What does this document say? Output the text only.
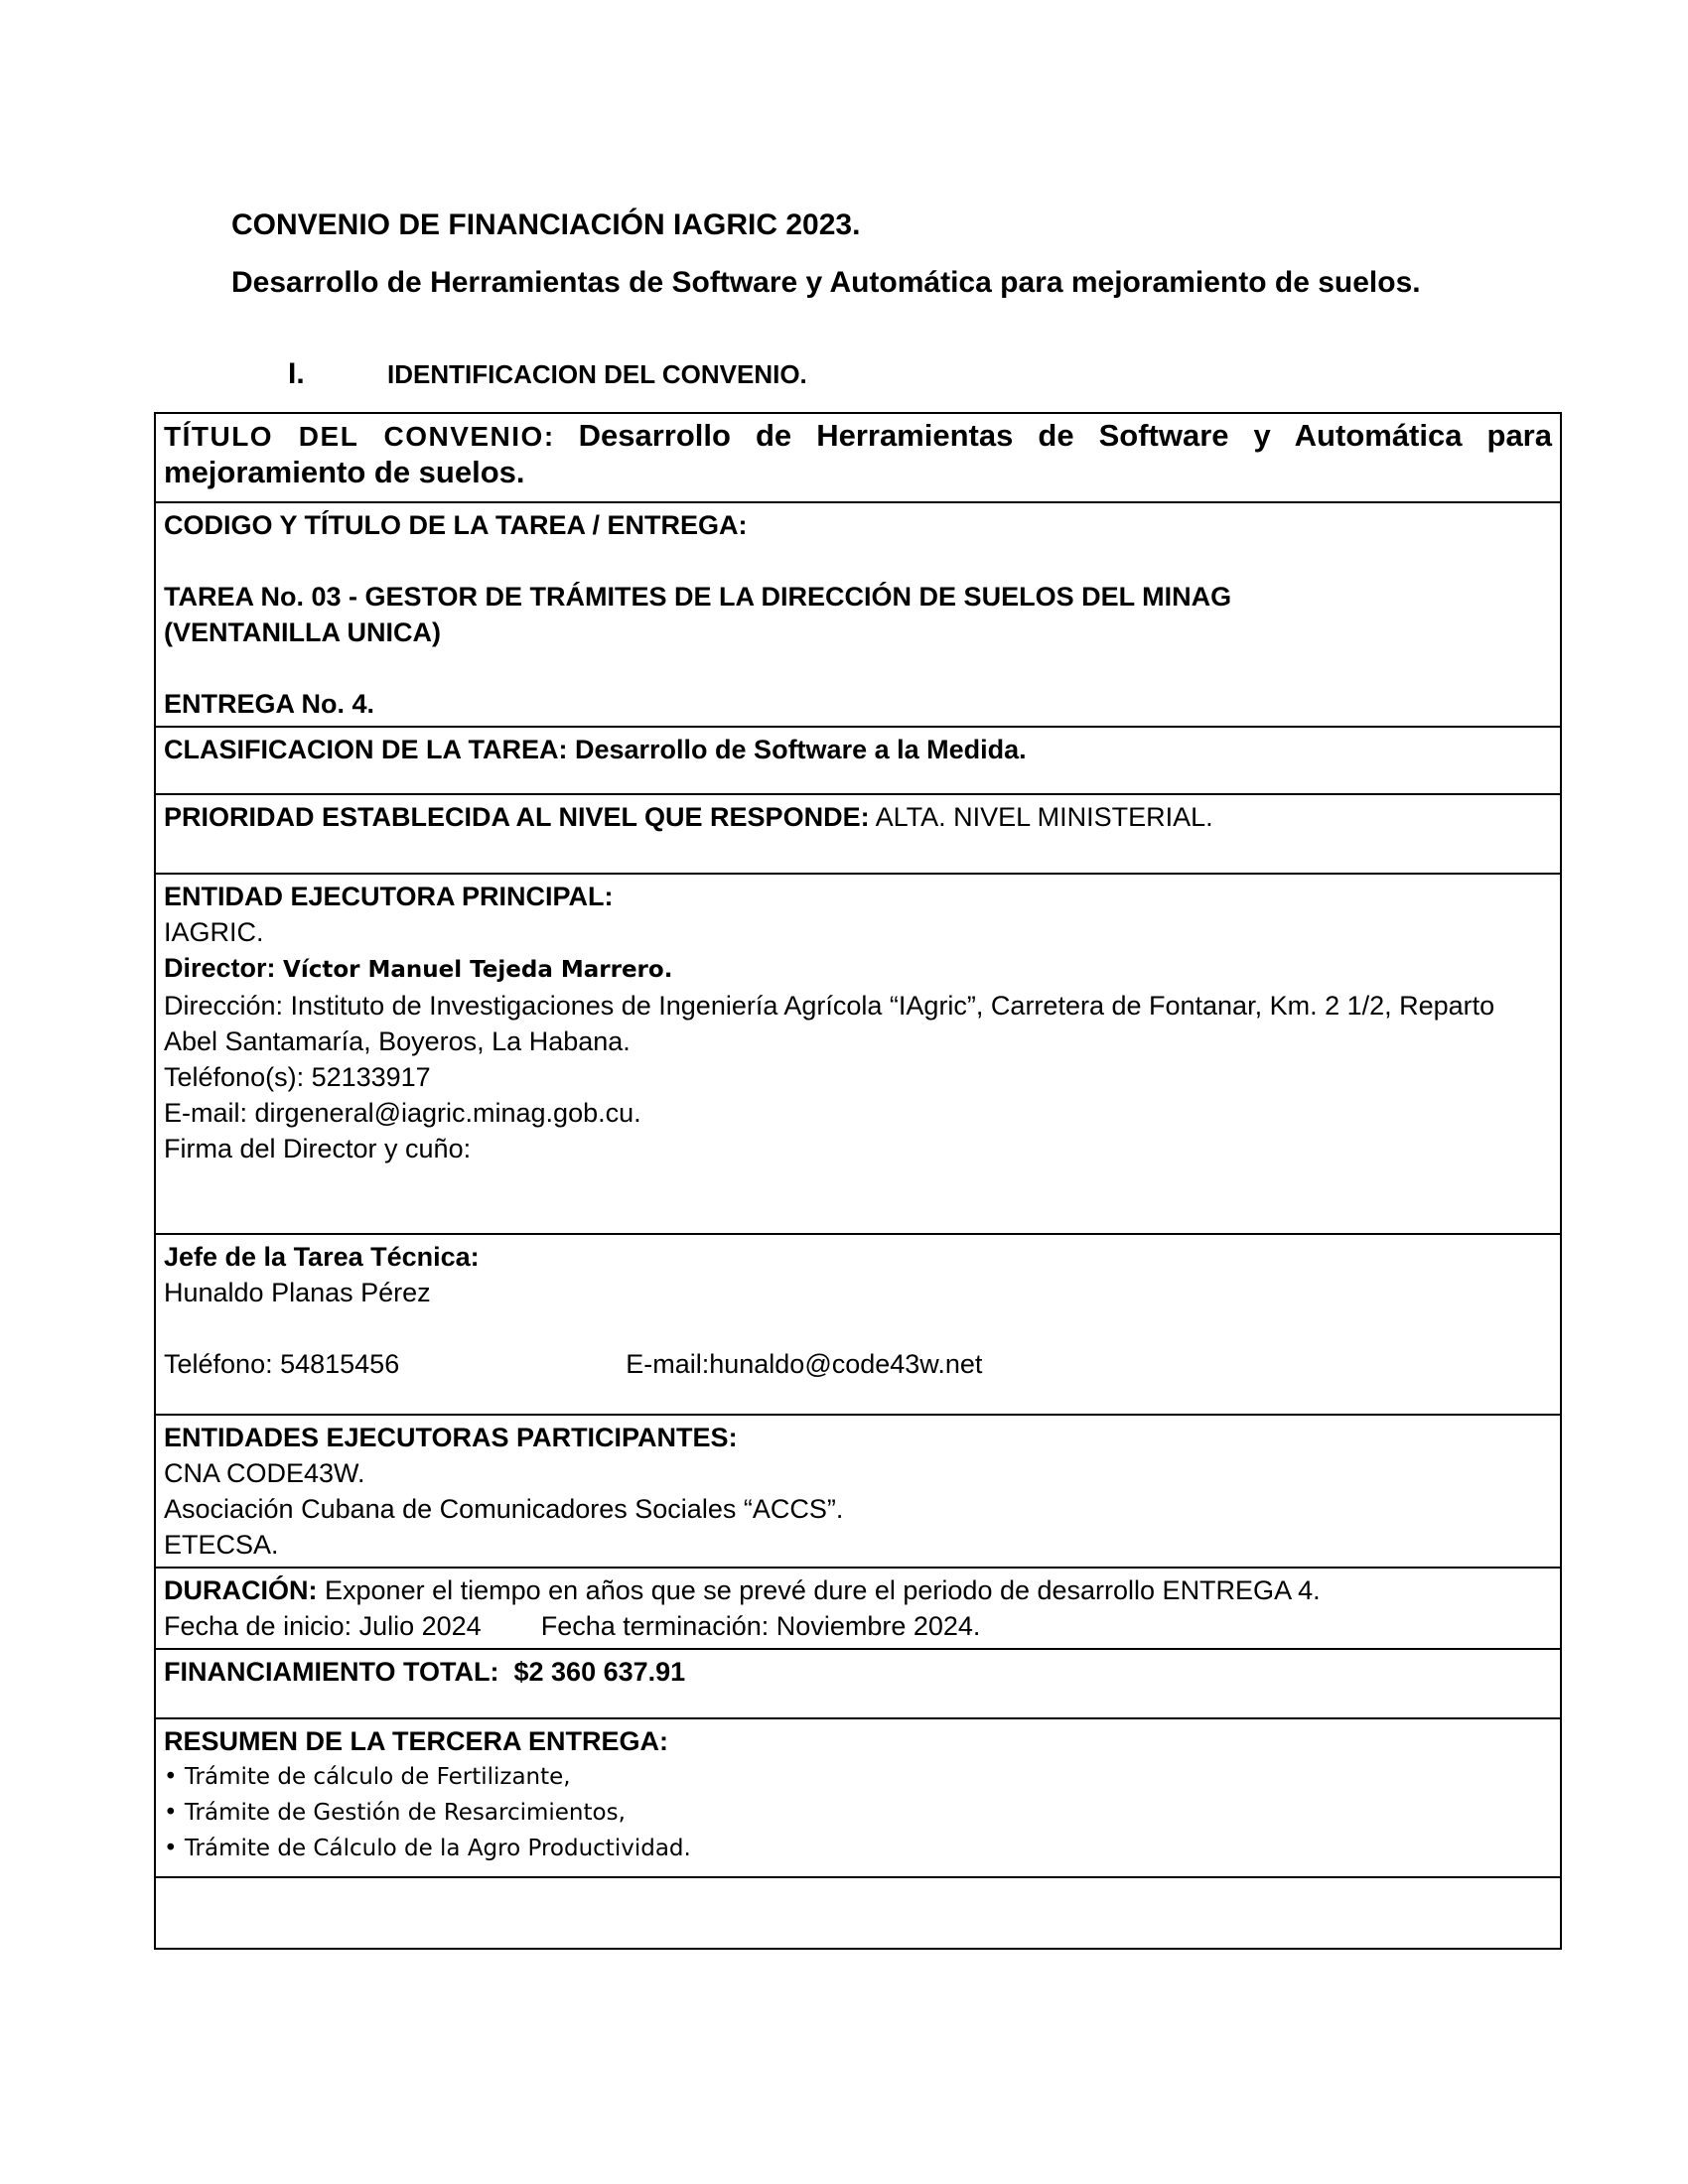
CONVENIO DE FINANCIACIÓN IAGRIC 2023.
Desarrollo de Herramientas de Software y Automática para mejoramiento de suelos.
I.	IDENTIFICACION DEL CONVENIO.
TÍTULO DEL CONVENIO: Desarrollo de Herramientas de Software y Automática para mejoramiento de suelos.

CODIGO Y TÍTULO DE LA TAREA / ENTREGA:
TAREA No. 03 - GESTOR DE TRÁMITES DE LA DIRECCIÓN DE SUELOS DEL MINAG
(VENTANILLA UNICA)
ENTREGA No. 4.

CLASIFICACION DE LA TAREA: Desarrollo de Software a la Medida.
PRIORIDAD ESTABLECIDA AL NIVEL QUE RESPONDE: ALTA. NIVEL MINISTERIAL.

ENTIDAD EJECUTORA PRINCIPAL:
IAGRIC.
Director: Víctor Manuel Tejeda Marrero.
Dirección: Instituto de Investigaciones de Ingeniería Agrícola “IAgric”, Carretera de Fontanar, Km. 2 1/2, Reparto Abel Santamaría, Boyeros, La Habana.
Teléfono(s): 52133917
E-mail: dirgeneral@iagric.minag.gob.cu.
Firma del Director y cuño:

Jefe de la Tarea Técnica:
Hunaldo Planas Pérez
Teléfono: 54815456	E-mail:hunaldo@code43w.net

ENTIDADES EJECUTORAS PARTICIPANTES:
CNA CODE43W.
Asociación Cubana de Comunicadores Sociales “ACCS”.
ETECSA.

DURACIÓN: Exponer el tiempo en años que se prevé dure el periodo de desarrollo ENTREGA 4.
Fecha de inicio: Julio 2024 Fecha terminación: Noviembre 2024.

FINANCIAMIENTO TOTAL: $2 360 637.91

RESUMEN DE LA TERCERA ENTREGA:
• Trámite de cálculo de Fertilizante,
• Trámite de Gestión de Resarcimientos,
• Trámite de Cálculo de la Agro Productividad.
